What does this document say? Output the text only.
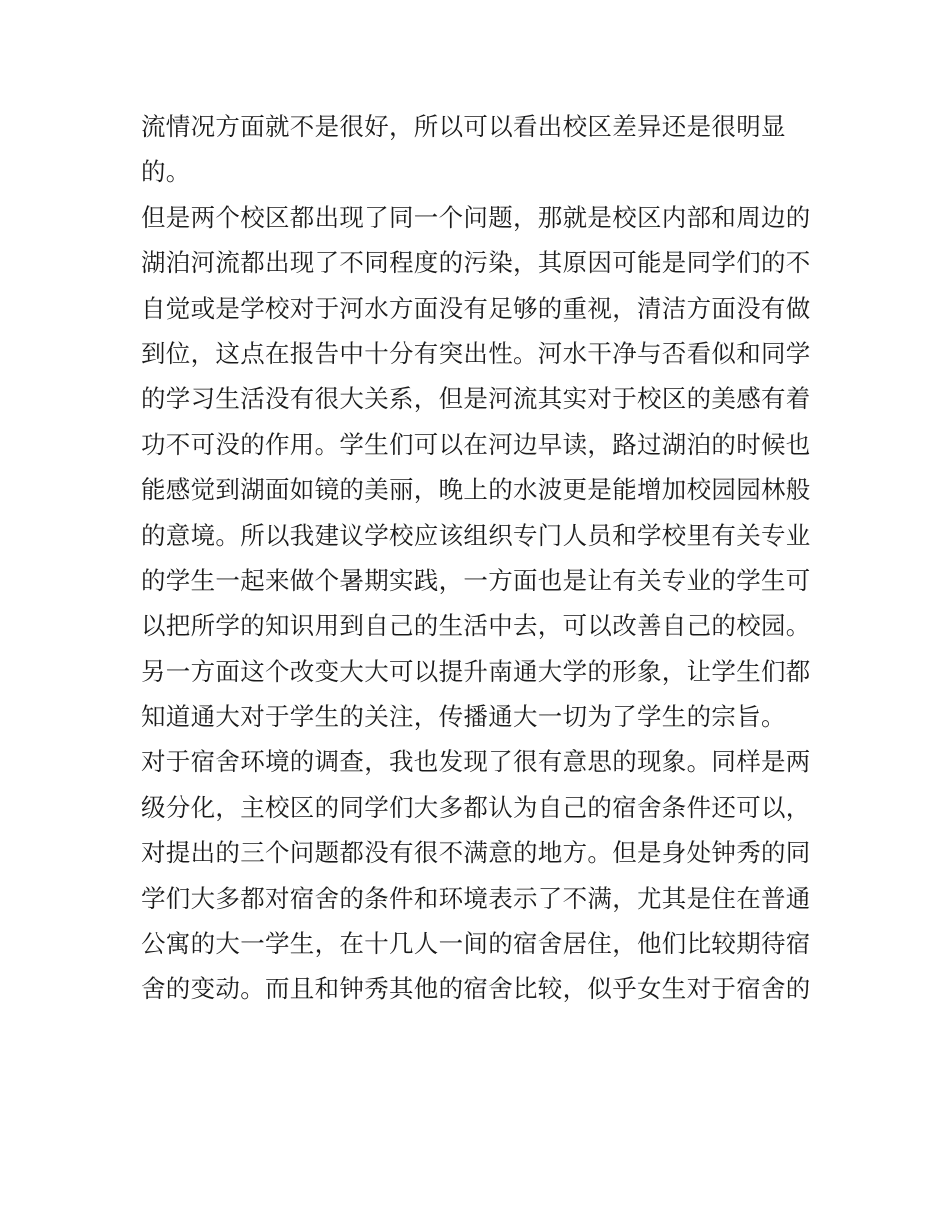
流情况方面就不是很好，所以可以看出校区差异还是很明显
的。
但是两个校区都出现了同一个问题，那就是校区内部和周边的
湖泊河流都出现了不同程度的污染，其原因可能是同学们的不
自觉或是学校对于河水方面没有足够的重视，清洁方面没有做
到位，这点在报告中十分有突出性。河水干净与否看似和同学
的学习生活没有很大关系，但是河流其实对于校区的美感有着
功不可没的作用。学生们可以在河边早读，路过湖泊的时候也
能感觉到湖面如镜的美丽，晚上的水波更是能增加校园园林般
的意境。所以我建议学校应该组织专门人员和学校里有关专业
的学生一起来做个暑期实践，一方面也是让有关专业的学生可
以把所学的知识用到自己的生活中去，可以改善自己的校园。
另一方面这个改变大大可以提升南通大学的形象，让学生们都
知道通大对于学生的关注，传播通大一切为了学生的宗旨。
对于宿舍环境的调查，我也发现了很有意思的现象。同样是两
级分化，主校区的同学们大多都认为自己的宿舍条件还可以，
对提出的三个问题都没有很不满意的地方。但是身处钟秀的同
学们大多都对宿舍的条件和环境表示了不满，尤其是住在普通
公寓的大一学生，在十几人一间的宿舍居住，他们比较期待宿
舍的变动。而且和钟秀其他的宿舍比较，似乎女生对于宿舍的
